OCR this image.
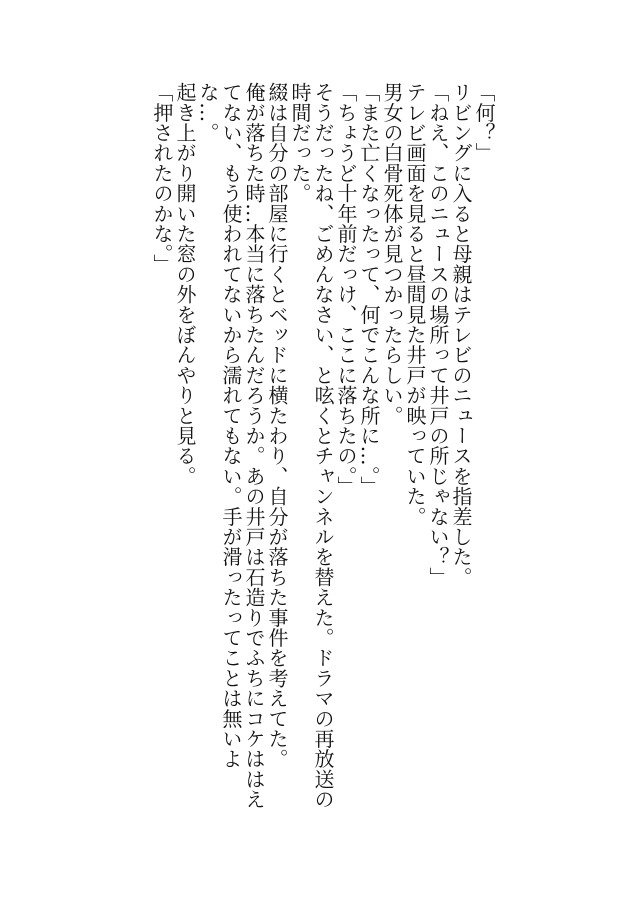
「何？」
リビングに入ると母親はテレビのニュースを指差した。
「ねえ、このニュースの場所って井戸の所じゃない？」
テレビ画面を見ると昼間見た井戸が映っていた。
男女の白骨死体が見つかったらしい。
「また亡くなったって、何でこんな所に…。」
「ちょうど十年前だっけ、ここに落ちたの。」
そうだったね、ごめんなさい、と呟くとチャンネルを替えた。ドラマの再放送の時間だった。
綴は自分の部屋に行くとベッドに横たわり、自分が落ちた事件を考えてた。
俺が落ちた時…本当に落ちたんだろうか。あの井戸は石造りでふちにコケははえてない、もう使われてないから濡れてもない。手が滑ったってことは無いよな…。
起き上がり開いた窓の外をぼんやりと見る。
「押されたのかな。」
